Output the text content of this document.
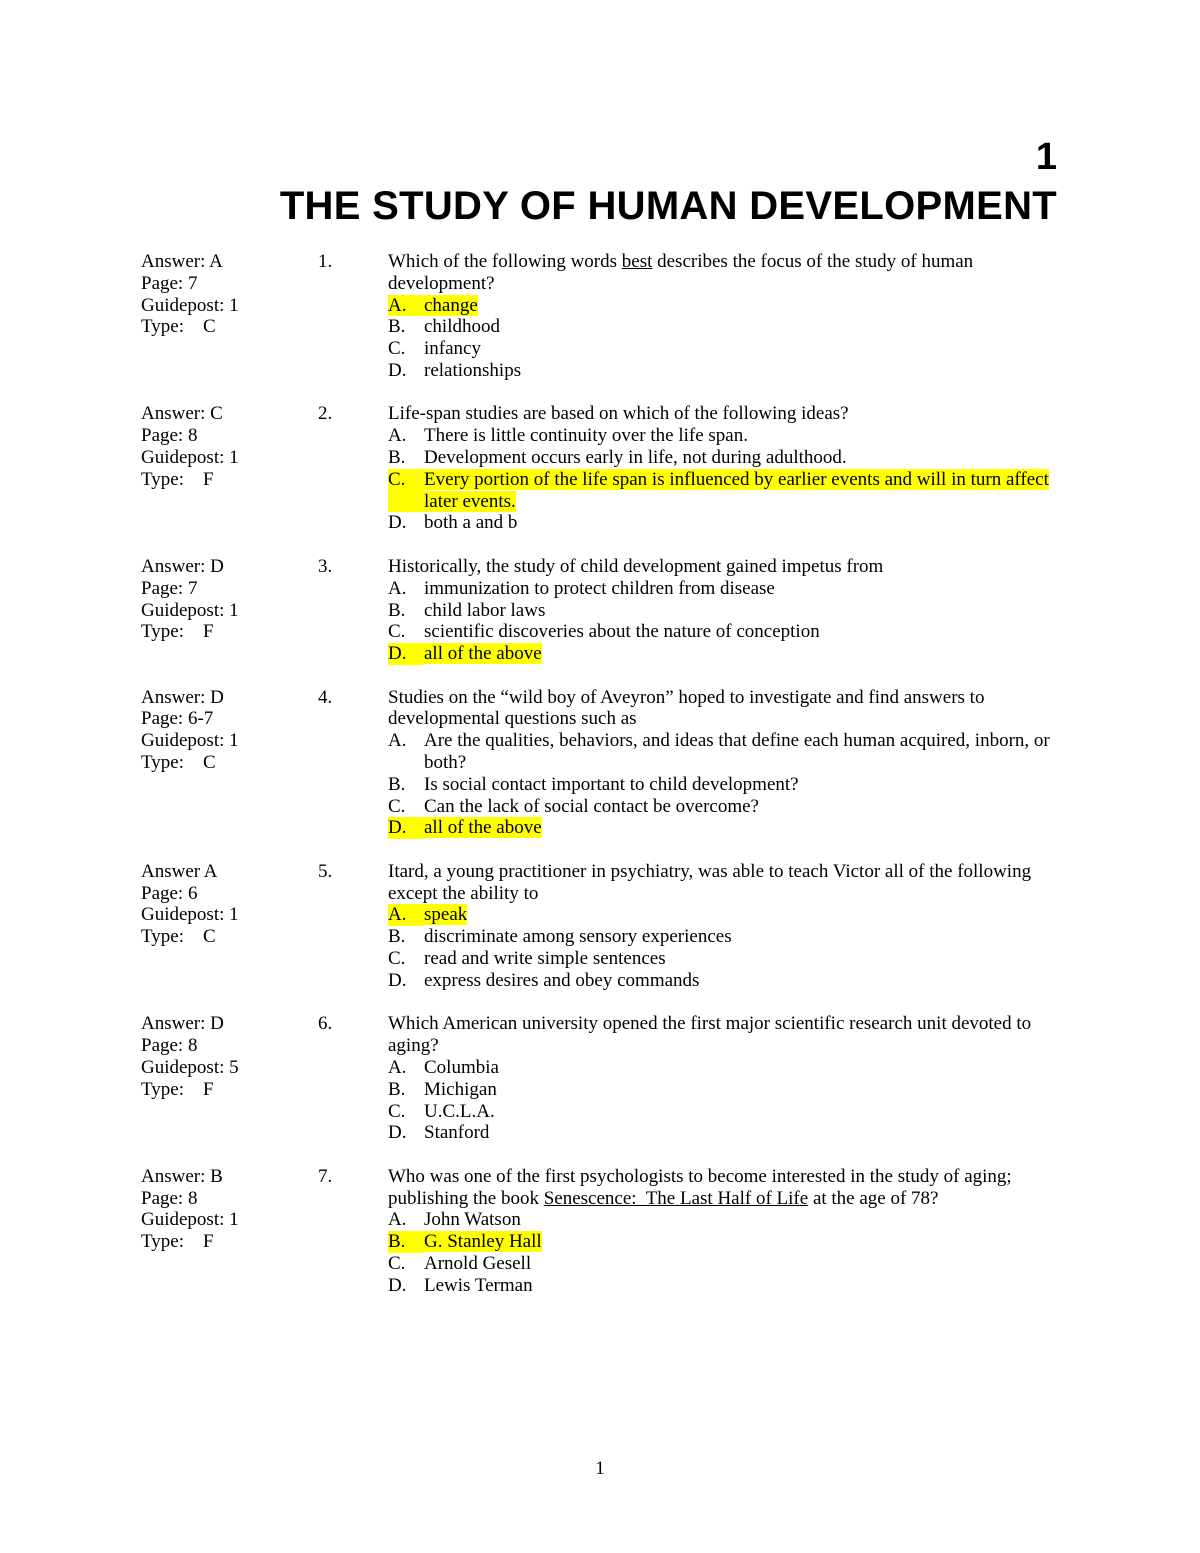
1
THE STUDY OF HUMAN DEVELOPMENT
Answer: A
Page: 7
Guidepost: 1
Type:    C
1.	Which of the following words best describes the focus of the study of human development?
A. change
B. childhood
C. infancy
D. relationships
Answer: C
Page: 8
Guidepost: 1
Type:    F
2.	Life-span studies are based on which of the following ideas?
A. There is little continuity over the life span.
B. Development occurs early in life, not during adulthood.
C. Every portion of the life span is influenced by earlier events and will in turn affect later events.
D. both a and b
Answer: D
Page: 7
Guidepost: 1
Type:    F
3.	Historically, the study of child development gained impetus from
A. immunization to protect children from disease
B. child labor laws
C. scientific discoveries about the nature of conception
D. all of the above
Answer: D
Page: 6-7
Guidepost: 1
Type:    C
4.	Studies on the “wild boy of Aveyron” hoped to investigate and find answers to developmental questions such as
A. Are the qualities, behaviors, and ideas that define each human acquired, inborn, or both?
B. Is social contact important to child development?
C. Can the lack of social contact be overcome?
D. all of the above
Answer A
Page: 6
Guidepost: 1
Type:    C
5.	Itard, a young practitioner in psychiatry, was able to teach Victor all of the following except the ability to
A. speak
B. discriminate among sensory experiences
C. read and write simple sentences
D. express desires and obey commands
Answer: D
Page: 8
Guidepost: 5
Type:    F
6.	Which American university opened the first major scientific research unit devoted to aging?
A. Columbia
B. Michigan
C. U.C.L.A.
D. Stanford
Answer: B
Page: 8
Guidepost: 1
Type:    F
7.	Who was one of the first psychologists to become interested in the study of aging; publishing the book Senescence:  The Last Half of Life at the age of 78?
A. John Watson
B. G. Stanley Hall
C. Arnold Gesell
D. Lewis Terman
1
